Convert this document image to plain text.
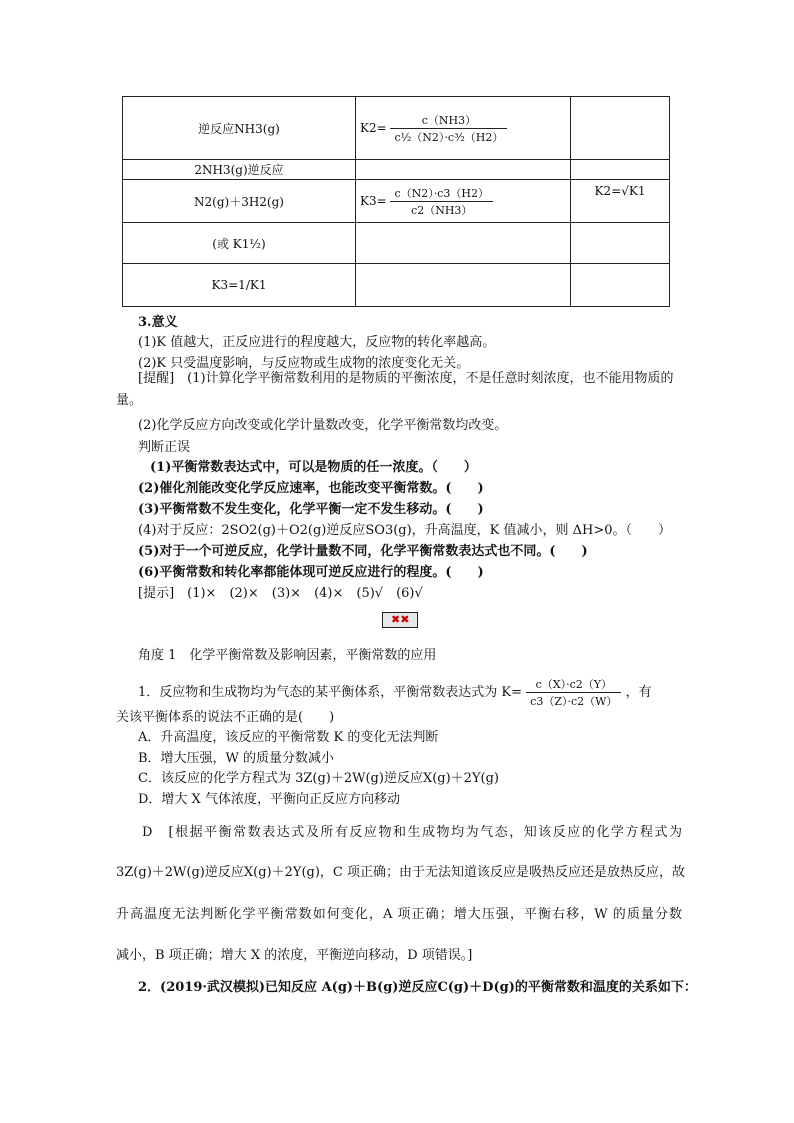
逆反应NH3(g)	$K2= \frac{c(NH3)}{\text{c½（N2）·c³⁄₂（H2）}}$

2NH3(g)逆反应		
N2(g)＋3H2(g)	$K3= \frac{c(N2)\cdot c3(H2)}{c2(NH3)}$	K2=√K1
(或 K1½)		
K3=1/K1		
3.意义
(1)K 值越大，正反应进行的程度越大，反应物的转化率越高。
(2)K 只受温度影响，与反应物或生成物的浓度变化无关。
[提醒]　(1)计算化学平衡常数利用的是物质的平衡浓度，不是任意时刻浓度，也不能用物质的量。
(2)化学反应方向改变或化学计量数改变，化学平衡常数均改变。
判断正误
(1)平衡常数表达式中，可以是物质的任一浓度。（　　）
(2)催化剂能改变化学反应速率，也能改变平衡常数。(　　)
(3)平衡常数不发生变化，化学平衡一定不发生移动。(　　)
(4)对于反应：2SO2(g)＋O2(g)逆反应SO3(g)，升高温度，K 值减小，则 ΔH>0。（　　）
(5)对于一个可逆反应，化学计量数不同，化学平衡常数表达式也不同。(　　)
(6)平衡常数和转化率都能体现可逆反应进行的程度。(　　)
[提示]　(1)×　(2)×　(3)×　(4)×　(5)√　(6)√
✖✖
角度 1　化学平衡常数及影响因素，平衡常数的应用
1．反应物和生成物均为气态的某平衡体系，平衡常数表达式为 $K= \frac{c(X)\cdot c2(Y)}{c3(Z)\cdot c2(W)}$ ，有
关该平衡体系的说法不正确的是(　　)
A．升高温度，该反应的平衡常数 K 的变化无法判断
B．增大压强，W 的质量分数减小
C．该反应的化学方程式为 3Z(g)＋2W(g)逆反应X(g)＋2Y(g)
D．增大 X 气体浓度，平衡向正反应方向移动
D　[根据平衡常数表达式及所有反应物和生成物均为气态，知该反应的化学方程式为
3Z(g)＋2W(g)逆反应X(g)＋2Y(g)，C 项正确；由于无法知道该反应是吸热反应还是放热反应，故
升高温度无法判断化学平衡常数如何变化，A 项正确；增大压强，平衡右移，W 的质量分数
减小，B 项正确；增大 X 的浓度，平衡逆向移动，D 项错误。]
2．(2019·武汉模拟)已知反应 A(g)＋B(g)逆反应C(g)＋D(g)的平衡常数和温度的关系如下：
